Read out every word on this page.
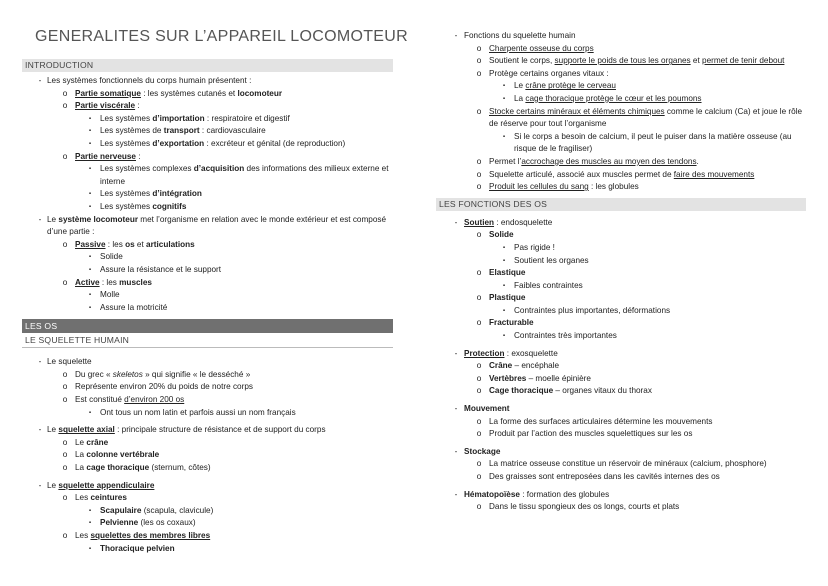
GENERALITES SUR L’APPAREIL LOCOMOTEUR
INTRODUCTION
- Les systèmes fonctionnels du corps humain présentent :
o Partie somatique : les systèmes cutanés et locomoteur
o Partie viscérale :
▪	Les systèmes d’importation : respiratoire et digestif
▪	Les systèmes de transport : cardiovasculaire
▪	Les systèmes d’exportation : excréteur et génital (de reproduction)
o Partie nerveuse :
▪	Les systèmes complexes d’acquisition des informations des milieux externe et interne
▪	Les systèmes d’intégration
▪	Les systèmes cognitifs
- Le système locomoteur met l’organisme en relation avec le monde extérieur et est composé d’une partie :
o Passive : les os et articulations
▪	Solide
▪	Assure la résistance et le support
o Active : les muscles
▪	Molle
▪	Assure la motricité
LES OS
LE SQUELETTE HUMAIN
- Le squelette
o Du grec « skeletos » qui signifie « le desséché »
o Représente environ 20% du poids de notre corps
o Est constitué d’environ 200 os
▪	Ont tous un nom latin et parfois aussi un nom français
- Le squelette axial : principale structure de résistance et de support du corps
o Le crâne
o La colonne vertébrale
o La cage thoracique (sternum, côtes)
- Le squelette appendiculaire
o Les ceintures
▪	Scapulaire (scapula, clavicule)
▪	Pelvienne (les os coxaux)
o Les squelettes des membres libres
▪	Thoracique pelvien
- Fonctions du squelette humain
o Charpente osseuse du corps
o Soutient le corps, supporte le poids de tous les organes et permet de tenir debout
o Protège certains organes vitaux :
▪	Le crâne protège le cerveau
▪	La cage thoracique protège le cœur et les poumons
o Stocke certains minéraux et éléments chimiques comme le calcium (Ca) et joue le rôle de réserve pour tout l’organisme
▪	Si le corps a besoin de calcium, il peut le puiser dans la matière osseuse (au risque de le fragiliser)
o Permet l’accrochage des muscles au moyen des tendons.
o Squelette articulé, associé aux muscles permet de faire des mouvements
o Produit les cellules du sang : les globules
LES FONCTIONS DES OS
- Soutien : endosquelette
o Solide
▪	Pas rigide !
▪	Soutient les organes
o Elastique
▪	Faibles contraintes
o Plastique
▪	Contraintes plus importantes, déformations
o Fracturable
▪	Contraintes très importantes
- Protection : exosquelette
o Crâne – encéphale
o Vertèbres – moelle épinière
o Cage thoracique – organes vitaux du thorax
- Mouvement
o La forme des surfaces articulaires détermine les mouvements
o Produit par l’action des muscles squelettiques sur les os
- Stockage
o La matrice osseuse constitue un réservoir de minéraux (calcium, phosphore)
o Des graisses sont entreposées dans les cavités internes des os
- Hématopoïèse : formation des globules
o Dans le tissu spongieux des os longs, courts et plats
